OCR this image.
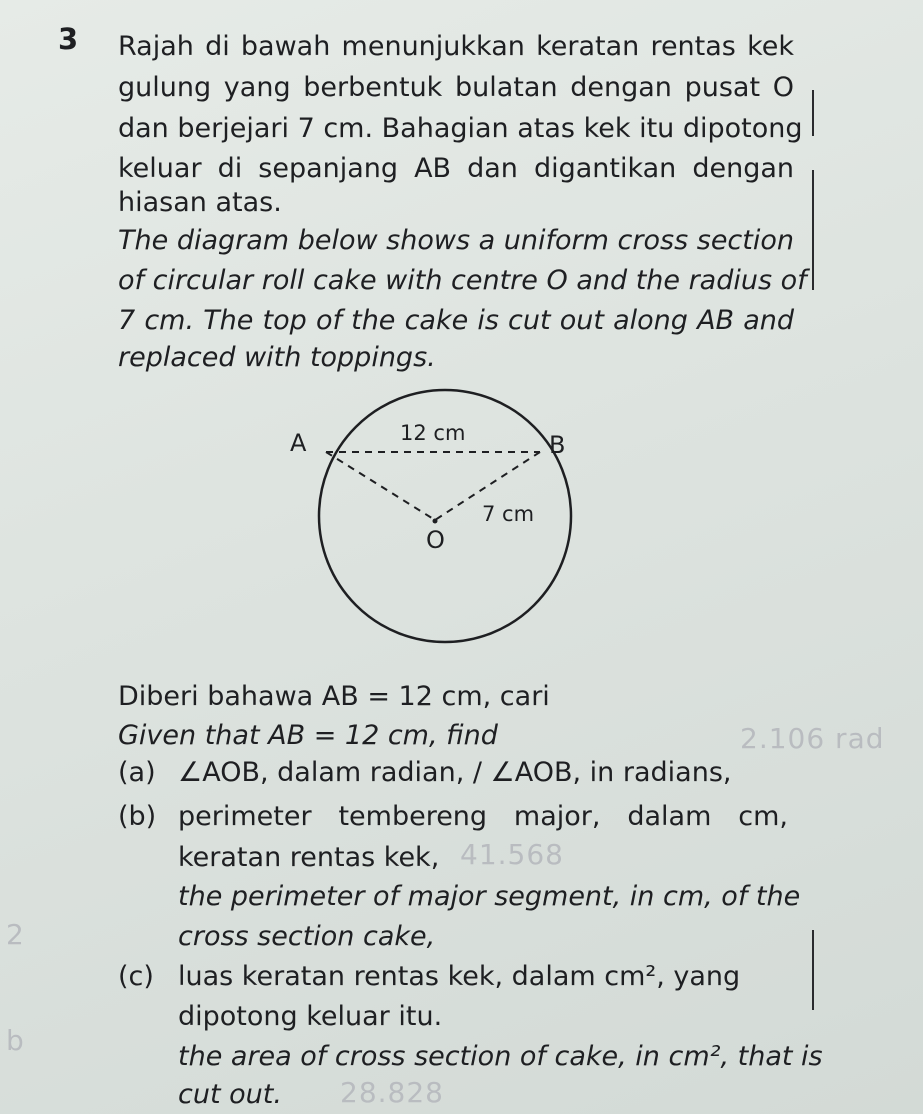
3 Rajah di bawah menunjukkan keratan rentas kek
gulung yang berbentuk bulatan dengan pusat O
dan berjejari 7 cm. Bahagian atas kek itu dipotong
keluar di sepanjang AB dan digantikan dengan
hiasan atas.
The diagram below shows a uniform cross section
of circular roll cake with centre O and the radius of
7 cm. The top of the cake is cut out along AB and
replaced with toppings.
A	B
O
12 cm
7 cm
Diberi bahawa AB = 12 cm, cari
Given that AB = 12 cm, find
(a) ∠AOB, dalam radian, / ∠AOB, in radians,
(b) perimeter tembereng major, dalam cm,
keratan rentas kek,
the perimeter of major segment, in cm, of the
cross section cake,
(c) luas keratan rentas kek, dalam cm², yang
dipotong keluar itu.
the area of cross section of cake, in cm², that is
cut out.
2.106 rad
41.568
28.828
2
b
